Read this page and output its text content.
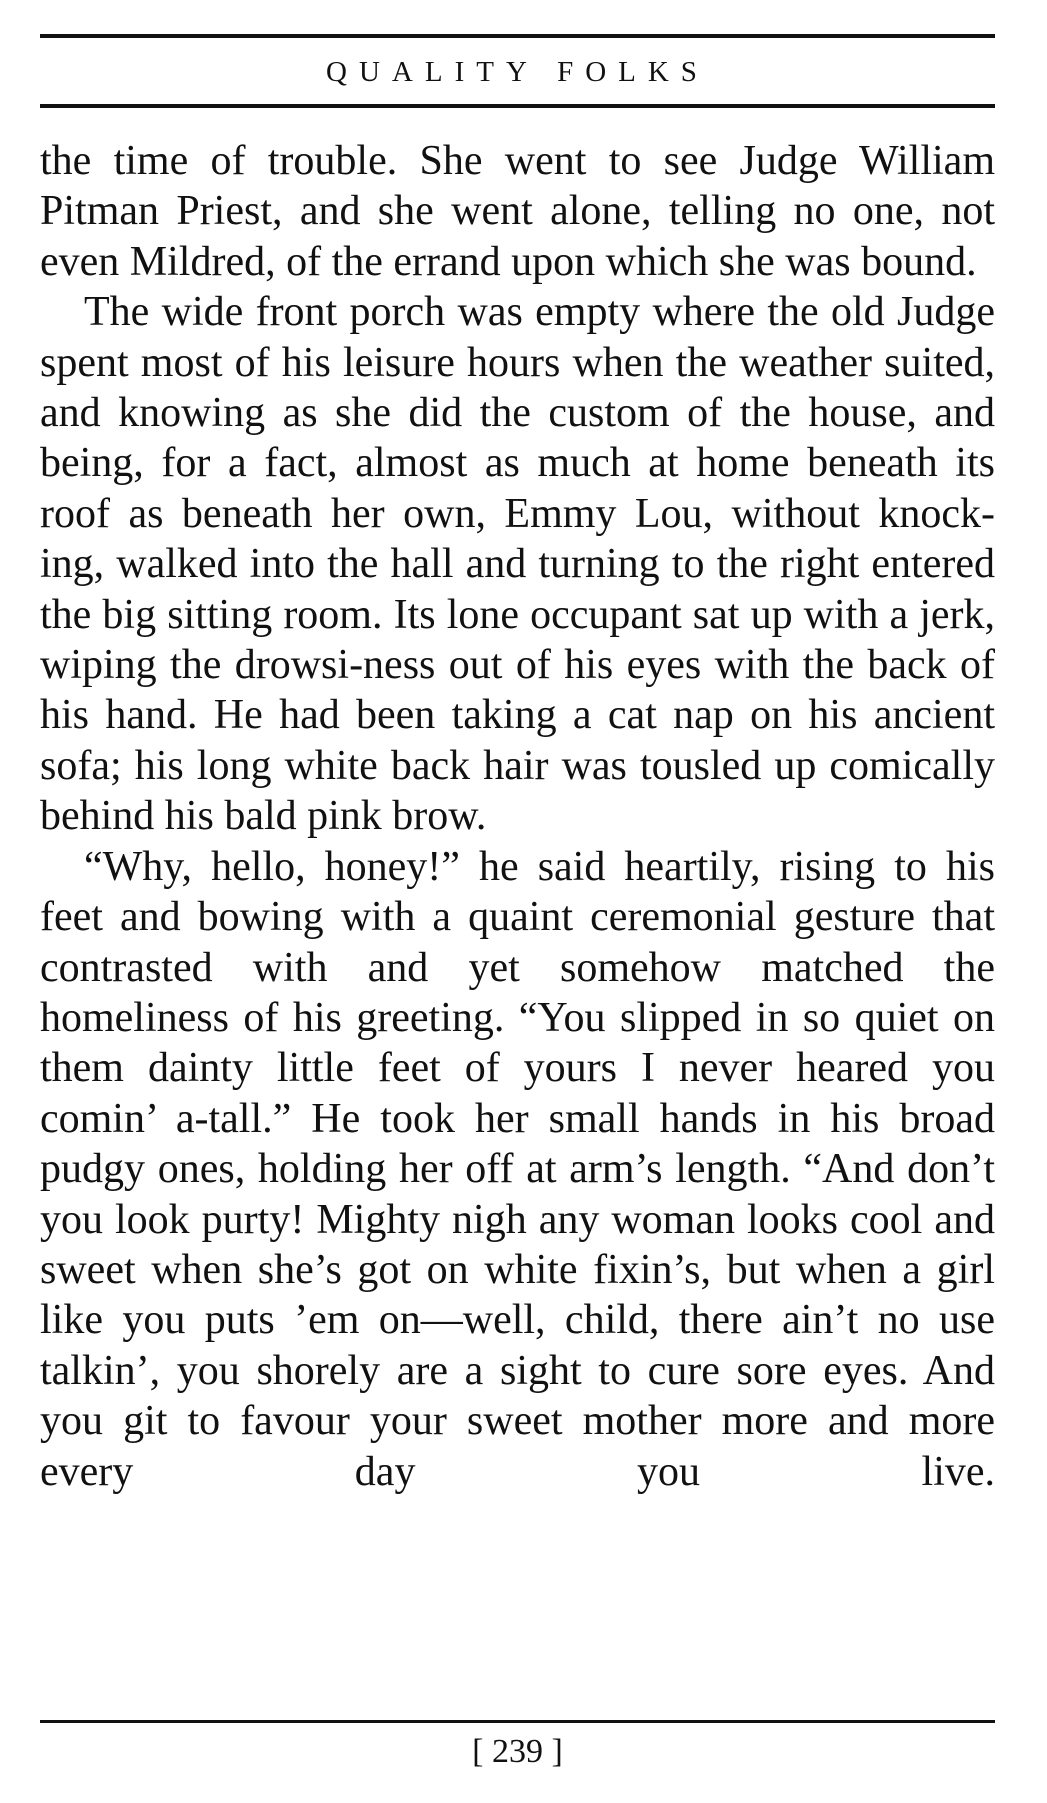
QUALITY FOLKS

the time of trouble. She went to see Judge William Pitman Priest, and she went alone, telling no one, not even Mildred, of the errand upon which she was bound.

The wide front porch was empty where the old Judge spent most of his leisure hours when the weather suited, and knowing as she did the custom of the house, and being, for a fact, almost as much at home beneath its roof as beneath her own, Emmy Lou, without knock-ing, walked into the hall and turning to the right entered the big sitting room. Its lone occupant sat up with a jerk, wiping the drowsi-ness out of his eyes with the back of his hand. He had been taking a cat nap on his ancient sofa; his long white back hair was tousled up comically behind his bald pink brow.

“Why, hello, honey!” he said heartily, rising to his feet and bowing with a quaint ceremonial gesture that contrasted with and yet somehow matched the homeliness of his greeting. “You slipped in so quiet on them dainty little feet of yours I never heared you comin’ a-tall.” He took her small hands in his broad pudgy ones, holding her off at arm’s length. “And don’t you look purty! Mighty nigh any woman looks cool and sweet when she’s got on white fixin’s, but when a girl like you puts ’em on—well, child, there ain’t no use talkin’, you shorely are a sight to cure sore eyes. And you git to favour your sweet mother more and more every day you live.

[ 239 ]
